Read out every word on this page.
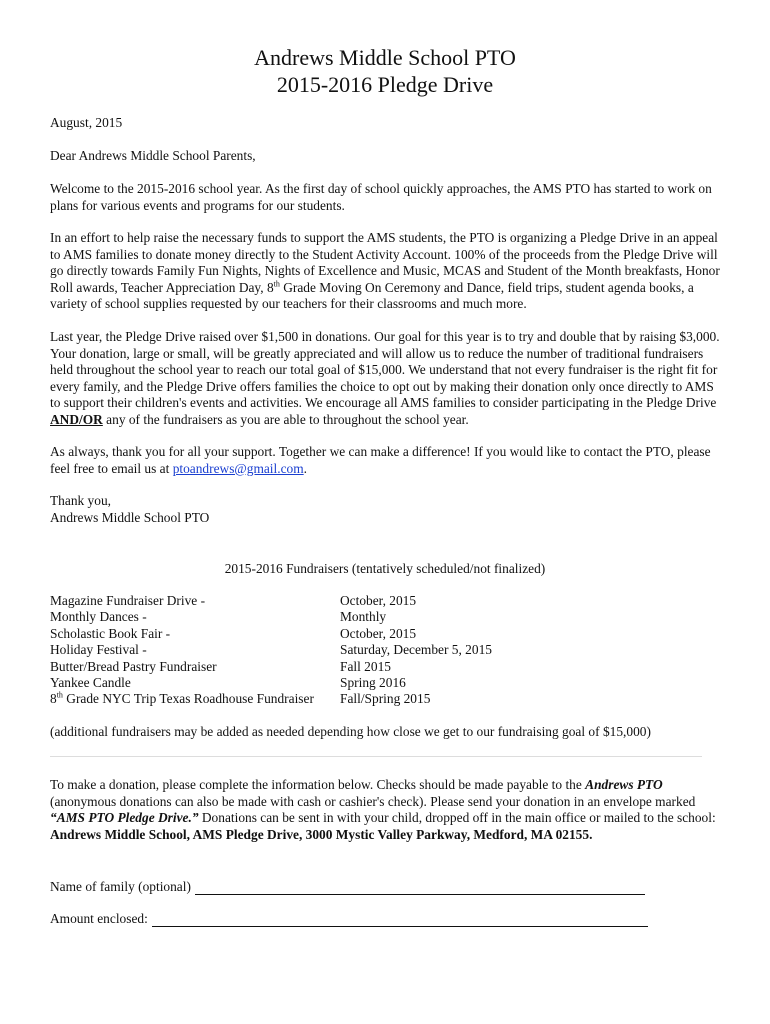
Andrews Middle School PTO
2015-2016 Pledge Drive

August, 2015

Dear Andrews Middle School Parents,

Welcome to the 2015-2016 school year. As the first day of school quickly approaches, the AMS PTO has started to work on plans for various events and programs for our students.

In an effort to help raise the necessary funds to support the AMS students, the PTO is organizing a Pledge Drive in an appeal to AMS families to donate money directly to the Student Activity Account. 100% of the proceeds from the Pledge Drive will go directly towards Family Fun Nights, Nights of Excellence and Music, MCAS and Student of the Month breakfasts, Honor Roll awards, Teacher Appreciation Day, 8th Grade Moving On Ceremony and Dance, field trips, student agenda books, a variety of school supplies requested by our teachers for their classrooms and much more.

Last year, the Pledge Drive raised over $1,500 in donations. Our goal for this year is to try and double that by raising $3,000. Your donation, large or small, will be greatly appreciated and will allow us to reduce the number of traditional fundraisers held throughout the school year to reach our total goal of $15,000. We understand that not every fundraiser is the right fit for every family, and the Pledge Drive offers families the choice to opt out by making their donation only once directly to AMS to support their children's events and activities. We encourage all AMS families to consider participating in the Pledge Drive AND/OR any of the fundraisers as you are able to throughout the school year.

As always, thank you for all your support. Together we can make a difference! If you would like to contact the PTO, please feel free to email us at ptoandrews@gmail.com.

Thank you,

Andrews Middle School PTO

2015-2016 Fundraisers (tentatively scheduled/not finalized)
Magazine Fundraiser Drive -	October, 2015
Monthly Dances -	Monthly
Scholastic Book Fair -	October, 2015
Holiday Festival -	Saturday, December 5, 2015
Butter/Bread Pastry Fundraiser	Fall 2015
Yankee Candle	Spring 2016
8th Grade NYC Trip Texas Roadhouse Fundraiser	Fall/Spring 2015

(additional fundraisers may be added as needed depending how close we get to our fundraising goal of $15,000)

To make a donation, please complete the information below. Checks should be made payable to the Andrews PTO (anonymous donations can also be made with cash or cashier's check). Please send your donation in an envelope marked “AMS PTO Pledge Drive.” Donations can be sent in with your child, dropped off in the main office or mailed to the school: Andrews Middle School, AMS Pledge Drive, 3000 Mystic Valley Parkway, Medford, MA 02155.

Name of family (optional)
Amount enclosed:
